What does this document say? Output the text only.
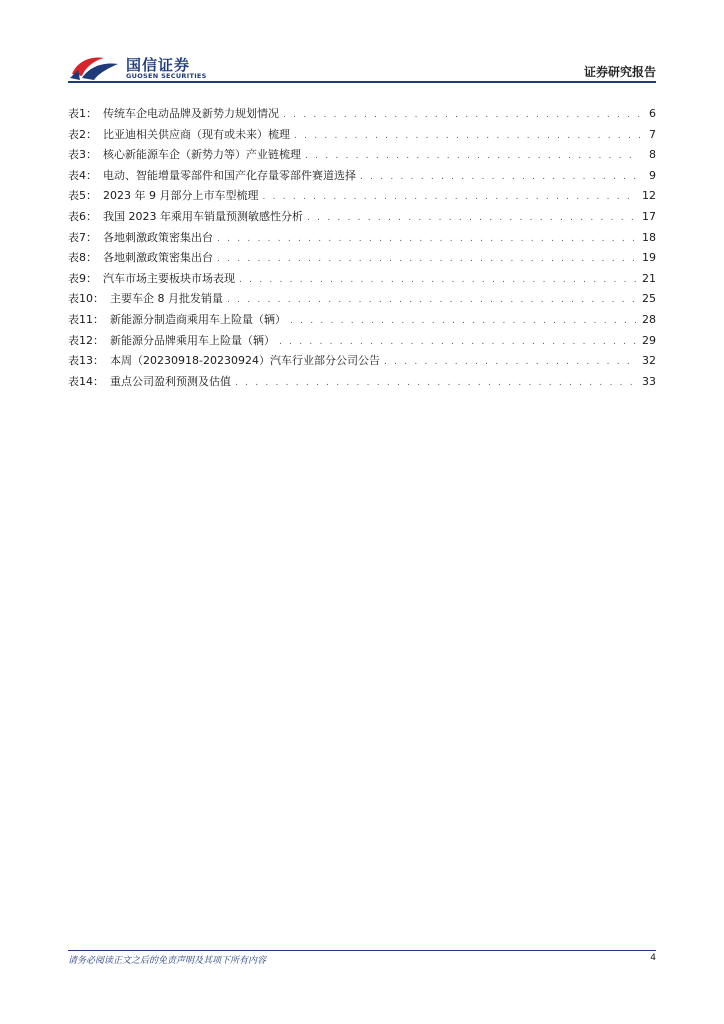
国信证券
GUOSEN SECURITIES	证券研究报告
表1： 传统车企电动品牌及新势力规划情况 . . .	6
表2： 比亚迪相关供应商（现有或未来）梳理 . . .	7
表3： 核心新能源车企（新势力等）产业链梳理 . . .	8
表4： 电动、智能增量零部件和国产化存量零部件赛道选择 . . .	9
表5： 2023 年 9 月部分上市车型梳理 . . .	12
表6： 我国 2023 年乘用车销量预测敏感性分析 . . .	17
表7： 各地刺激政策密集出台 . . .	18
表8： 各地刺激政策密集出台 . . .	19
表9： 汽车市场主要板块市场表现 . . .	21
表10： 主要车企 8 月批发销量 . . .	25
表11： 新能源分制造商乘用车上险量（辆） . . .	28
表12： 新能源分品牌乘用车上险量（辆） . . .	29
表13： 本周（20230918-20230924）汽车行业部分公司公告 . . .	32
表14： 重点公司盈利预测及估值 . . .	33
请务必阅读正文之后的免责声明及其项下所有内容	4
